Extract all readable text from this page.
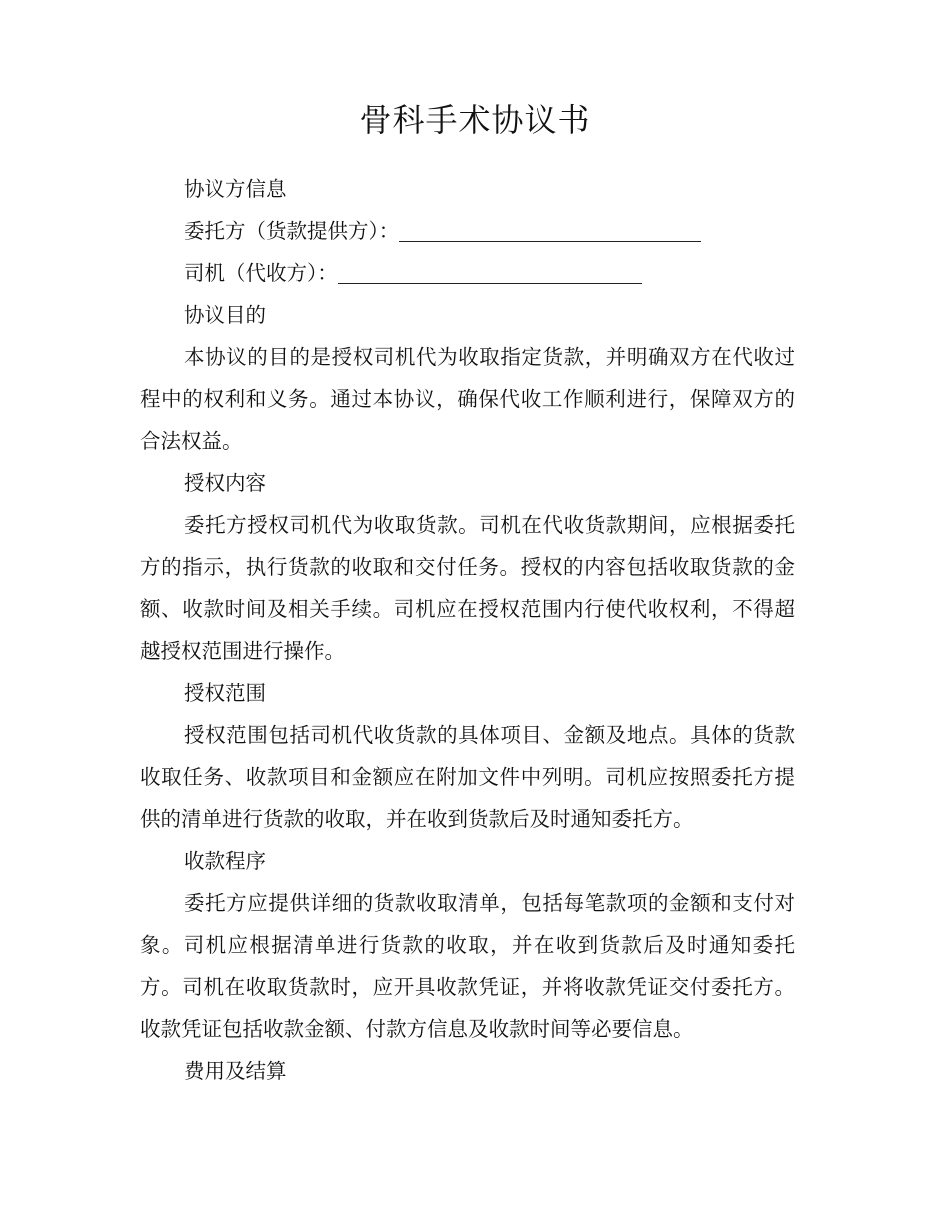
骨科手术协议书

协议方信息

委托方（货款提供方）：

司机（代收方）：

协议目的

本协议的目的是授权司机代为收取指定货款，并明确双方在代收过程中的权利和义务。通过本协议，确保代收工作顺利进行，保障双方的合法权益。

授权内容

委托方授权司机代为收取货款。司机在代收货款期间，应根据委托方的指示，执行货款的收取和交付任务。授权的内容包括收取货款的金额、收款时间及相关手续。司机应在授权范围内行使代收权利，不得超越授权范围进行操作。

授权范围

授权范围包括司机代收货款的具体项目、金额及地点。具体的货款收取任务、收款项目和金额应在附加文件中列明。司机应按照委托方提供的清单进行货款的收取，并在收到货款后及时通知委托方。

收款程序

委托方应提供详细的货款收取清单，包括每笔款项的金额和支付对象。司机应根据清单进行货款的收取，并在收到货款后及时通知委托方。司机在收取货款时，应开具收款凭证，并将收款凭证交付委托方。收款凭证包括收款金额、付款方信息及收款时间等必要信息。

费用及结算
